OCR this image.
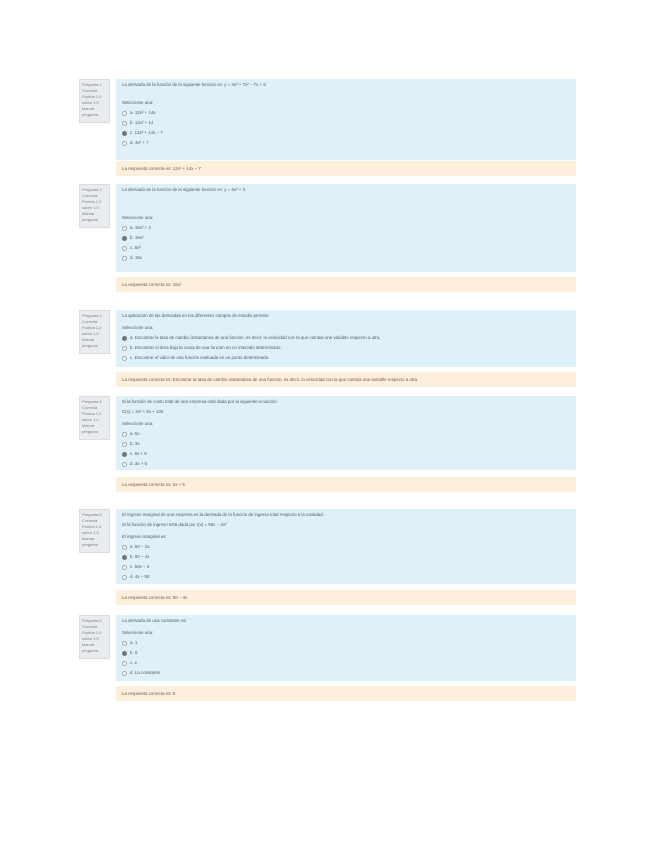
Pregunta 1
Correcta
Puntúa 1,0
sobre 1,0
Marcar
pregunta
La derivada de la función de la siguiente función es: y = 4x³ + 7x² − 7x + 5
Seleccione una:
a. 12x² + 14x
b. 12x² + 14
c. 12x² + 14x − 7
d. 4x² + 7
La respuesta correcta es: 12x² + 14x − 7
Pregunta 2
Correcta
Puntúa 1,0
sobre 1,0
Marcar
pregunta
La derivada de la función de la siguiente función es: y = 5x³ + 3
Seleccione una:
a. 15x² + 3
b. 15x²
c. 5x²
d. 15x
La respuesta correcta es: 15x²
Pregunta 3
Correcta
Puntúa 1,0
sobre 1,0
Marcar
pregunta
La aplicación de las derivadas en los diferentes campos de estudio permite:
Seleccione una:
a. Encontrar la tasa de cambio instantánea de una función, es decir, la velocidad con la que cambia una variable respecto a otra.
b. Encontrar el área bajo la curva de una función en un intervalo determinado.
c. Encontrar el valor de una función evaluada en un punto determinado.
La respuesta correcta es: Encontrar la tasa de cambio instantánea de una función, es decir, la velocidad con la que cambia una variable respecto a otra.
Pregunta 4
Correcta
Puntúa 1,0
sobre 1,0
Marcar
pregunta
Si la función de costo total de una empresa está dada por la siguiente ecuación:
C(x) = 3x² + 5x + 100
Seleccione una:
a. 6x
b. 3x
c. 6x + 5
d. 3x + 5
La respuesta correcta es: 6x + 5
Pregunta 5
Correcta
Puntúa 1,0
sobre 1,0
Marcar
pregunta
El ingreso marginal de una empresa es la derivada de la función de ingreso total respecto a la cantidad.
Si la función de ingreso está dada por I(x) = 50x − 2x²
El ingreso marginal es:
a. 50 − 2x
b. 50 − 4x
c. 50x − 4
d. 4x − 50
La respuesta correcta es: 50 − 4x
Pregunta 6
Correcta
Puntúa 1,0
sobre 1,0
Marcar
pregunta
La derivada de una constante es:
Seleccione una:
a. 1
b. 0
c. x
d. La constante
La respuesta correcta es: 0
